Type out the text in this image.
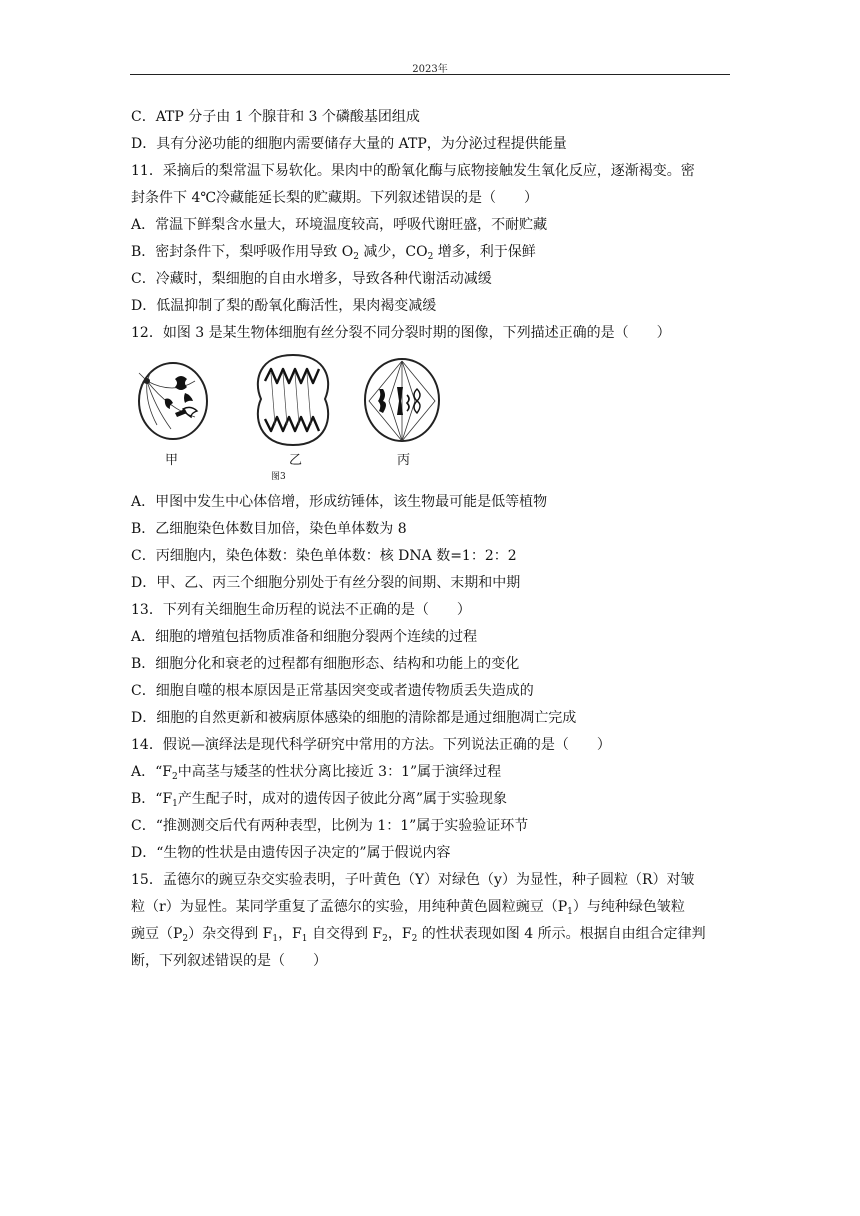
2023年
C．ATP 分子由 1 个腺苷和 3 个磷酸基团组成
D．具有分泌功能的细胞内需要储存大量的 ATP，为分泌过程提供能量
11．采摘后的梨常温下易软化。果肉中的酚氧化酶与底物接触发生氧化反应，逐渐褐变。密
封条件下 4℃冷藏能延长梨的贮藏期。下列叙述错误的是（　　）
A．常温下鲜梨含水量大，环境温度较高，呼吸代谢旺盛，不耐贮藏
B．密封条件下，梨呼吸作用导致 $O_2$ 减少，$CO_2$ 增多，利于保鲜
C．冷藏时，梨细胞的自由水增多，导致各种代谢活动减缓
D．低温抑制了梨的酚氧化酶活性，果肉褐变减缓
12．如图 3 是某生物体细胞有丝分裂不同分裂时期的图像，下列描述正确的是（　　）
甲	乙	丙
图3
A．甲图中发生中心体倍增，形成纺锤体，该生物最可能是低等植物
B．乙细胞染色体数目加倍，染色单体数为 8
C．丙细胞内，染色体数：染色单体数：核 DNA 数=1：2：2
D．甲、乙、丙三个细胞分别处于有丝分裂的间期、末期和中期
13．下列有关细胞生命历程的说法不正确的是（　　）
A．细胞的增殖包括物质准备和细胞分裂两个连续的过程
B．细胞分化和衰老的过程都有细胞形态、结构和功能上的变化
C．细胞自噬的根本原因是正常基因突变或者遗传物质丢失造成的
D．细胞的自然更新和被病原体感染的细胞的清除都是通过细胞凋亡完成
14．假说—演绎法是现代科学研究中常用的方法。下列说法正确的是（　　）
A．“$F_2$中高茎与矮茎的性状分离比接近 3：1”属于演绎过程
B．“$F_1$产生配子时，成对的遗传因子彼此分离”属于实验现象
C．“推测测交后代有两种表型，比例为 1：1”属于实验验证环节
D．“生物的性状是由遗传因子决定的”属于假说内容
15．孟德尔的豌豆杂交实验表明，子叶黄色（Y）对绿色（y）为显性，种子圆粒（R）对皱
粒（r）为显性。某同学重复了孟德尔的实验，用纯种黄色圆粒豌豆$(P_1)$与纯种绿色皱粒
豌豆$(P_2)$杂交得到 $F_1$，$F_1$ 自交得到 $F_2$，$F_2$ 的性状表现如图 4 所示。根据自由组合定律判
断，下列叙述错误的是（　　）
